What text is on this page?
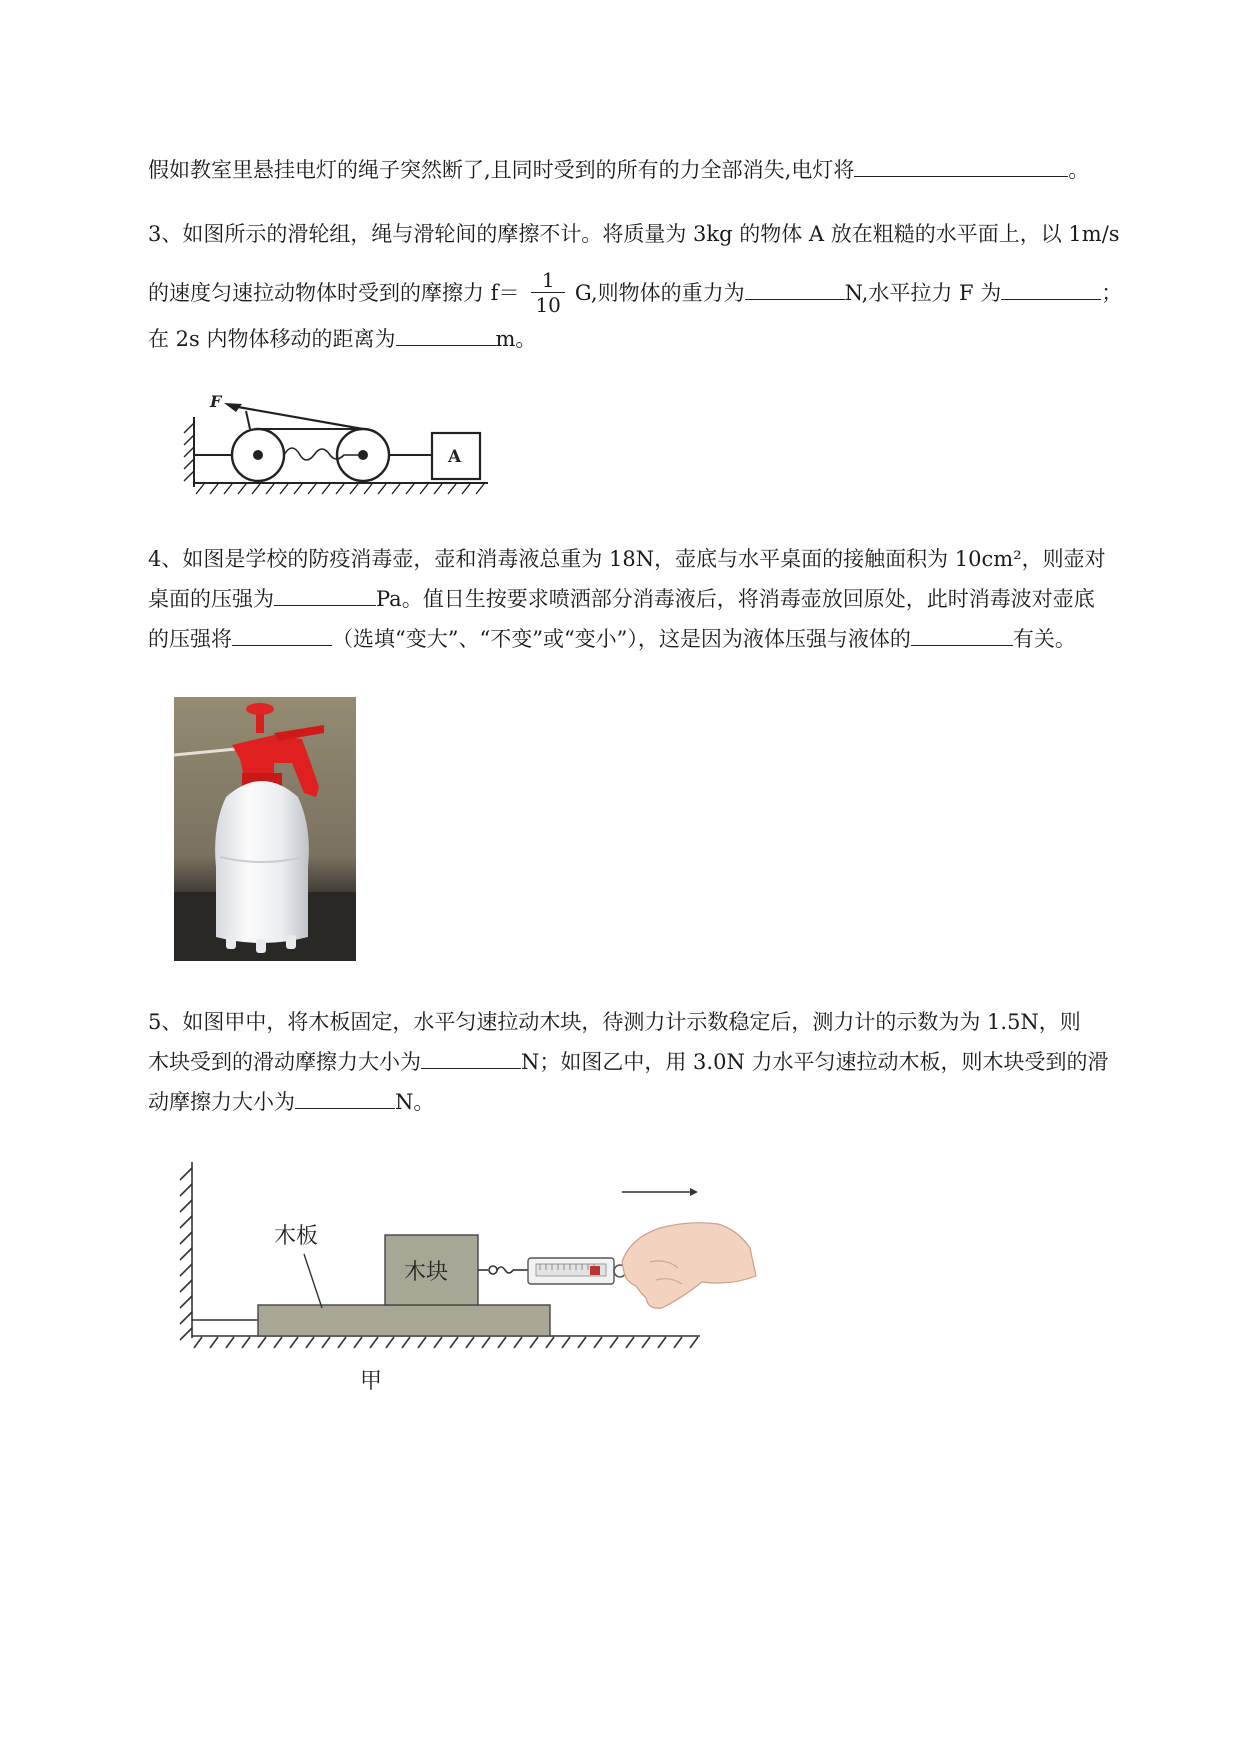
假如教室里悬挂电灯的绳子突然断了,且同时受到的所有的力全部消失,电灯将	。
3、如图所示的滑轮组，绳与滑轮间的摩擦不计。将质量为 3kg 的物体 A 放在粗糙的水平面上，以 1m/s
的速度匀速拉动物体时受到的摩擦力 $f= \frac{1}{10} G$,则物体的重力为	N,水平拉力 F 为	；
在 2s 内物体移动的距离为	m。
F
A
4、如图是学校的防疫消毒壶，壶和消毒液总重为 18N，壶底与水平桌面的接触面积为 10cm²，则壶对
桌面的压强为	Pa。值日生按要求喷洒部分消毒液后，将消毒壶放回原处，此时消毒波对壶底
的压强将	（选填“变大”、“不变”或“变小”），这是因为液体压强与液体的	有关。
5、如图甲中，将木板固定，水平匀速拉动木块，待测力计示数稳定后，测力计的示数为为 1.5N，则
木块受到的滑动摩擦力大小为	N；如图乙中，用 3.0N 力水平匀速拉动木板，则木块受到的滑
动摩擦力大小为	N。
木板
木块
甲
